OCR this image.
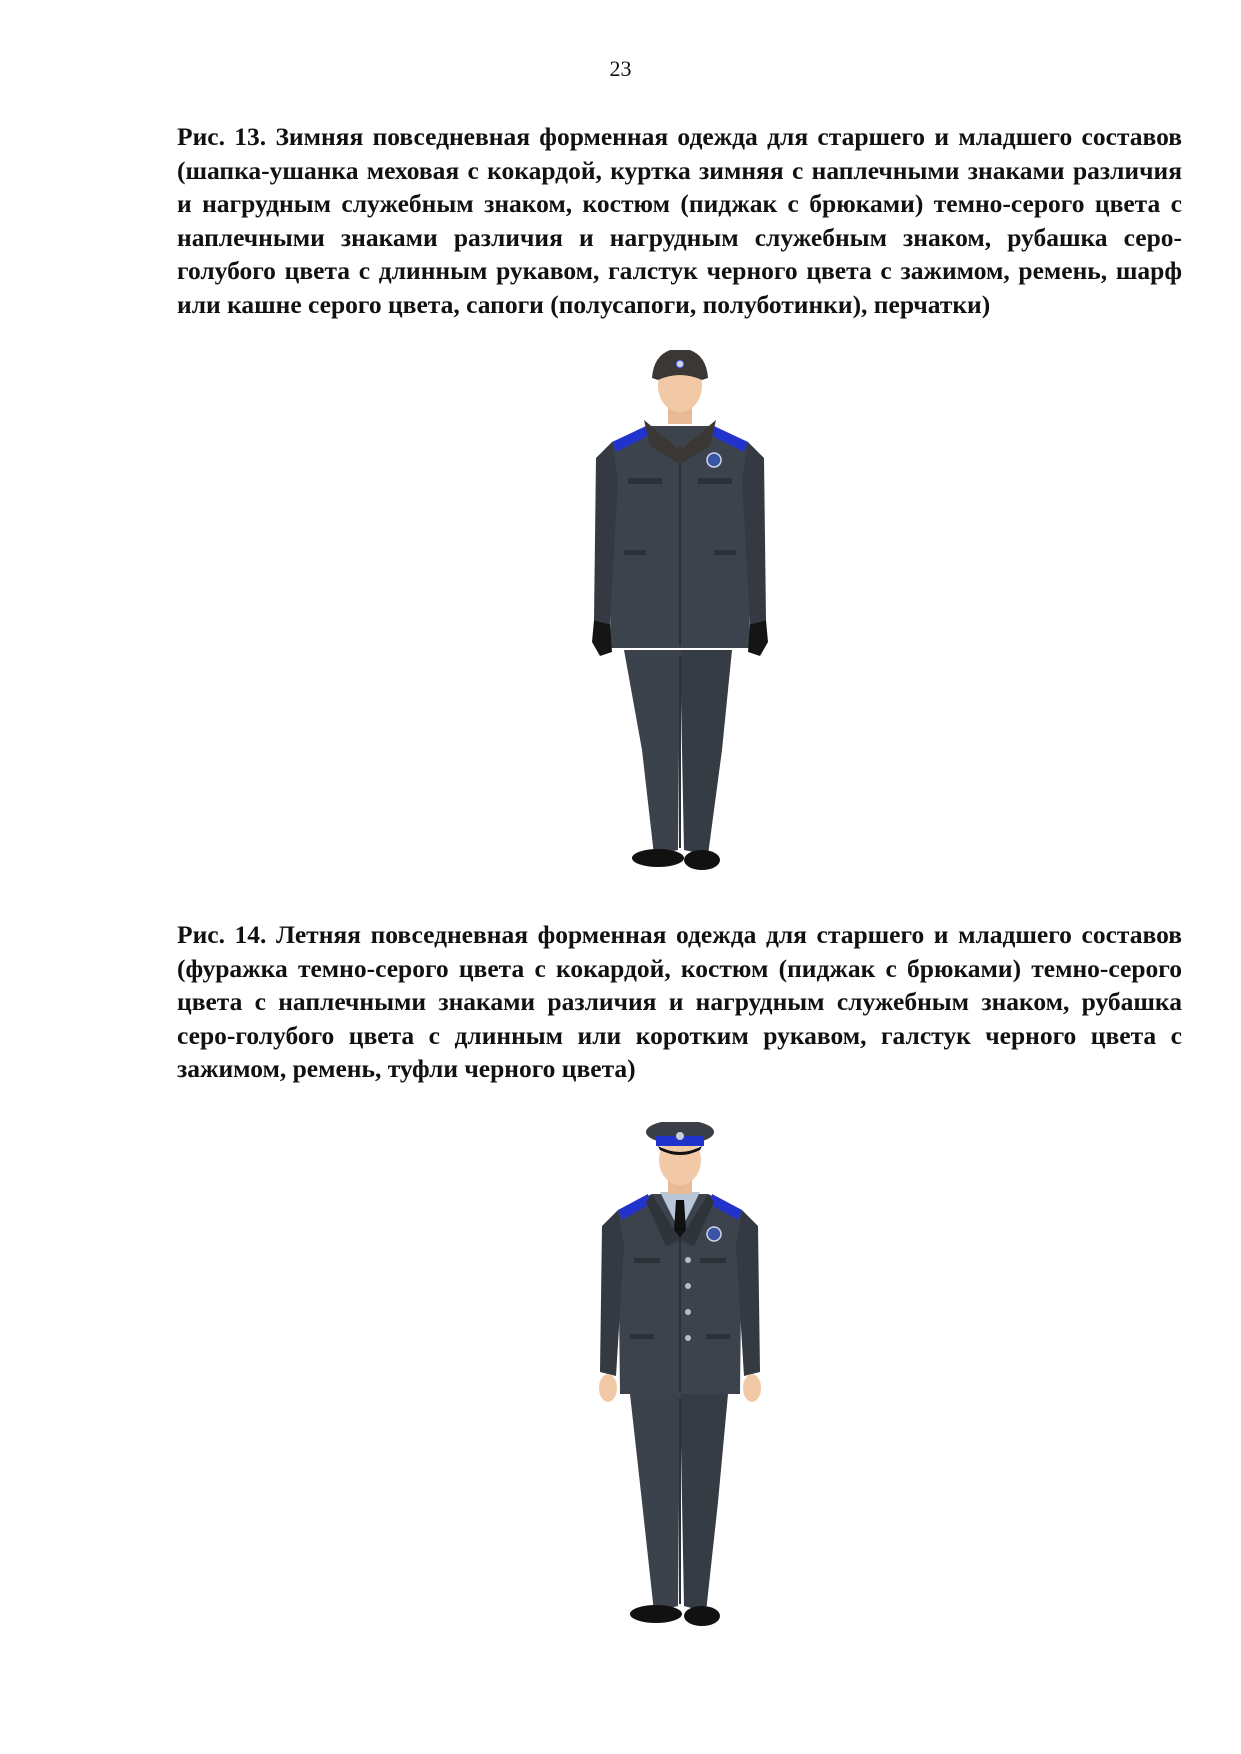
23

Рис. 13. Зимняя повседневная форменная одежда для старшего и младшего составов (шапка-ушанка меховая с кокардой, куртка зимняя с наплечными знаками различия и нагрудным служебным знаком, костюм (пиджак с брюками) темно-серого цвета с наплечными знаками различия и нагрудным служебным знаком, рубашка серо-голубого цвета с длинным рукавом, галстук черного цвета с зажимом, ремень, шарф или кашне серого цвета, сапоги (полусапоги, полуботинки), перчатки)

Рис. 14. Летняя повседневная форменная одежда для старшего и младшего составов (фуражка темно-серого цвета с кокардой, костюм (пиджак с брюками) темно-серого цвета с наплечными знаками различия и нагрудным служебным знаком, рубашка серо-голубого цвета с длинным или коротким рукавом, галстук черного цвета с зажимом, ремень, туфли черного цвета)
